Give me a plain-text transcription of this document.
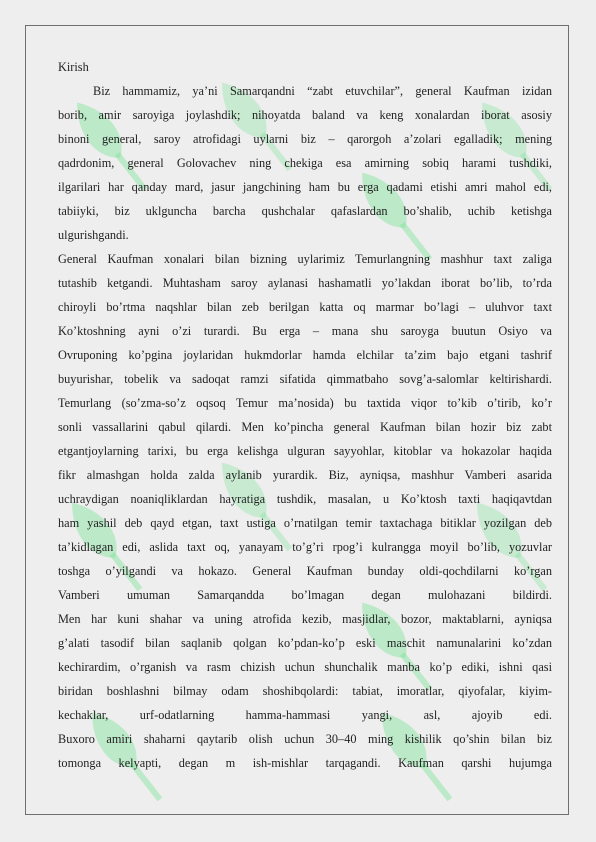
Kirish
Biz hammamiz, ya’ni Samarqandni “zabt etuvchilar”, general Kaufman izidan
borib, amir saroyiga joylashdik; nihoyatda baland va keng xonalardan iborat asosiy
binoni general, saroy atrofidagi uylarni biz – qarorgoh a’zolari egalladik; mening
qadrdonim, general Golovachev ning chekiga esa amirning sobiq harami tushdiki,
ilgarilari har qanday mard, jasur jangchining ham bu erga qadami etishi amri mahol edi,
tabiiyki, biz uklguncha barcha qushchalar qafaslardan bo’shalib, uchib ketishga
ulgurishgandi.
General Kaufman xonalari bilan bizning uylarimiz Temurlangning mashhur taxt zaliga
tutashib ketgandi. Muhtasham saroy aylanasi hashamatli yo’lakdan iborat bo’lib, to’rda
chiroyli bo’rtma naqshlar bilan zeb berilgan katta oq marmar bo’lagi – uluhvor taxt
Ko’ktoshning ayni o’zi turardi. Bu erga – mana shu saroyga buutun Osiyo va
Ovruponing ko’pgina joylaridan hukmdorlar hamda elchilar ta’zim bajo etgani tashrif
buyurishar, tobelik va sadoqat ramzi sifatida qimmatbaho sovg’a-salomlar keltirishardi.
Temurlang (so’zma-so’z oqsoq Temur ma’nosida) bu taxtida viqor to’kib o’tirib, ko’r
sonli vassallarini qabul qilardi. Men ko’pincha general Kaufman bilan hozir biz zabt
etgantjoylarning tarixi, bu erga kelishga ulguran sayyohlar, kitoblar va hokazolar haqida
fikr almashgan holda zalda aylanib yurardik. Biz, ayniqsa, mashhur Vamberi asarida
uchraydigan noaniqliklardan hayratiga tushdik, masalan, u Ko’ktosh taxti haqiqavtdan
ham yashil deb qayd etgan, taxt ustiga o’rnatilgan temir taxtachaga bitiklar yozilgan deb
ta’kidlagan edi, aslida taxt oq, yanayam to’g’ri rpog’i kulrangga moyil bo’lib, yozuvlar
toshga o’yilgandi va hokazo. General Kaufman bunday oldi-qochdilarni ko’rgan
Vamberi umuman Samarqandda bo’lmagan degan mulohazani bildirdi.
Men har kuni shahar va uning atrofida kezib, masjidlar, bozor, maktablarni, ayniqsa
g’alati tasodif bilan saqlanib qolgan ko’pdan-ko’p eski maschit namunalarini ko’zdan
kechirardim, o’rganish va rasm chizish uchun shunchalik manba ko’p ediki, ishni qasi
biridan boshlashni bilmay odam shoshibqolardi: tabiat, imoratlar, qiyofalar, kiyim-
kechaklar, urf-odatlarning hamma-hammasi yangi, asl, ajoyib edi.
Buxoro amiri shaharni qaytarib olish uchun 30–40 ming kishilik qo’shin bilan biz
tomonga kelyapti, degan m ish-mishlar tarqagandi. Kaufman qarshi hujumga
